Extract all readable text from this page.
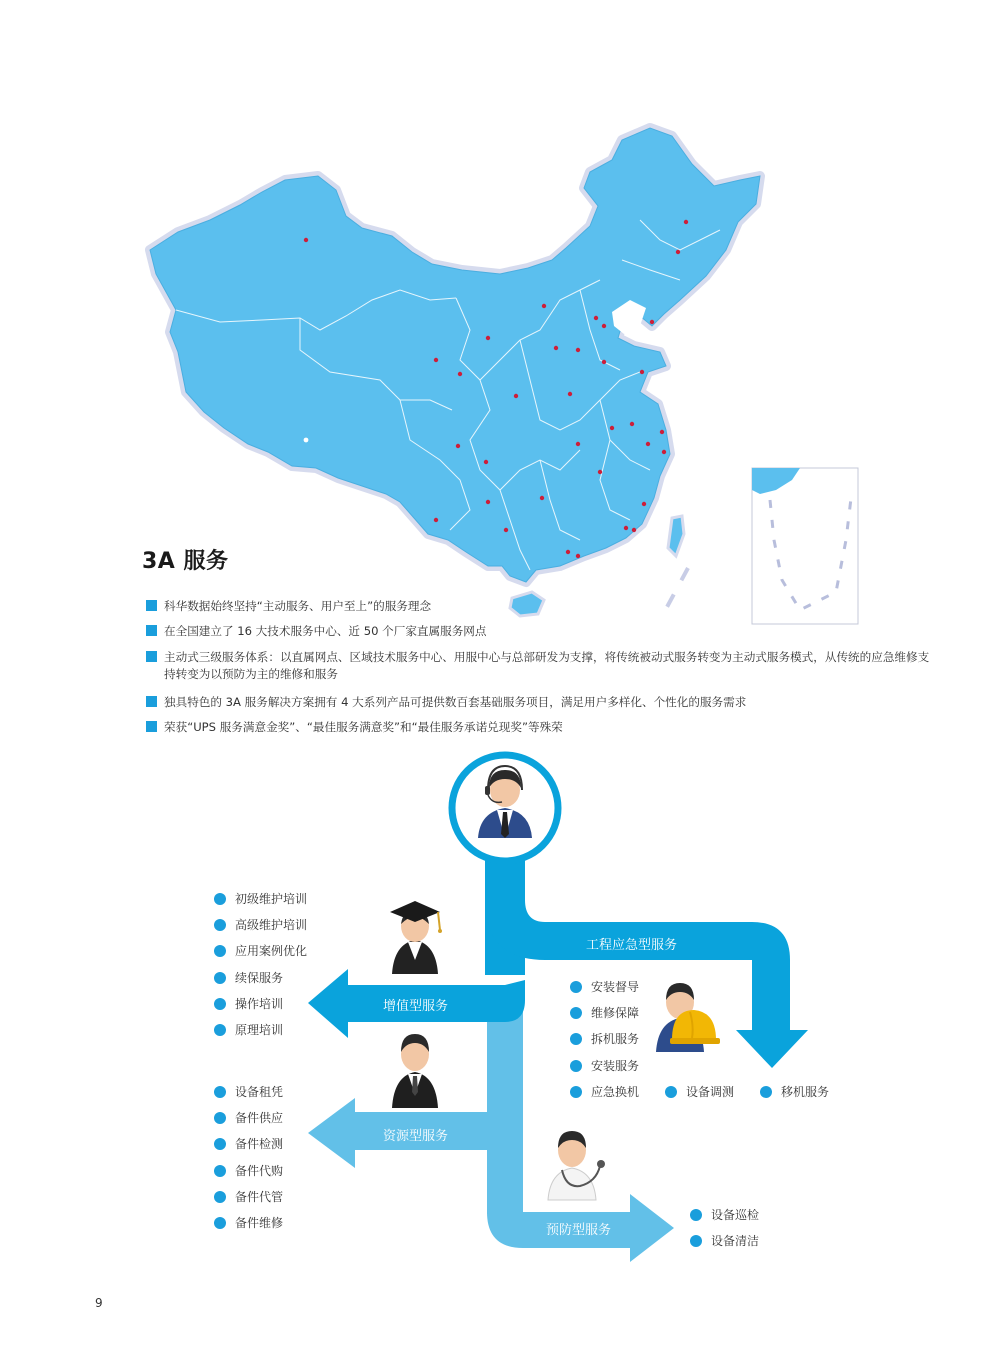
3A 服务
科华数据始终坚持“主动服务、用户至上”的服务理念
在全国建立了 16 大技术服务中心、近 50 个厂家直属服务网点
主动式三级服务体系：以直属网点、区域技术服务中心、用服中心与总部研发为支撑，将传统被动式服务转变为主动式服务模式，从传统的应急维修支持转变为以预防为主的维修和服务
独具特色的 3A 服务解决方案拥有 4 大系列产品可提供数百套基础服务项目，满足用户多样化、个性化的服务需求
荣获“UPS 服务满意金奖”、“最佳服务满意奖”和“最佳服务承诺兑现奖”等殊荣
增值型服务
工程应急型服务
资源型服务
预防型服务
初级维护培训
高级维护培训
应用案例优化
续保服务
操作培训
原理培训
安装督导
维修保障
拆机服务
安装服务
应急换机	设备调测	移机服务
设备租凭
备件供应
备件检测
备件代购
备件代管
备件维修
设备巡检
设备清洁
9
